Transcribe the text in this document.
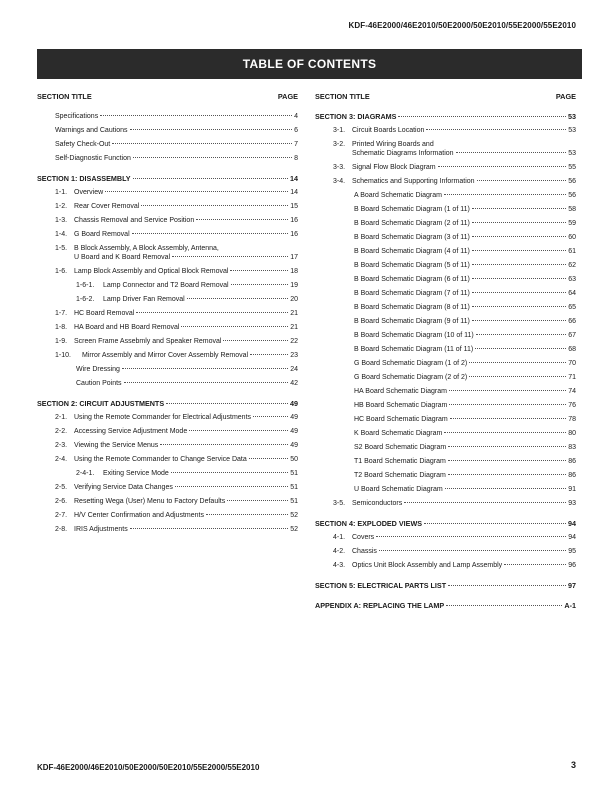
KDF-46E2000/46E2010/50E2000/50E2010/55E2000/55E2010
TABLE OF CONTENTS
SECTION TITLE	PAGE
Specifications	4
Warnings and Cautions	6
Safety Check-Out	7
Self-Diagnostic Function	8
SECTION 1: DISASSEMBLY	14
1-1. Overview	14
1-2. Rear Cover Removal	15
1-3. Chassis Removal and Service Position	16
1-4. G Board Removal	16
1-5. B Block Assembly, A Block Assembly, Antenna,
U Board and K Board Removal	17
1-6. Lamp Block Assembly and Optical Block Removal	18
1-6-1.	Lamp Connector and T2 Board Removal	19
1-6-2.	Lamp Driver Fan Removal	20
1-7. HC Board Removal	21
1-8. HA Board and HB Board Removal	21
1-9. Screen Frame Assebmly and Speaker Removal	22
1-10.	Mirror Assembly and Mirror Cover Assembly Removal	23
Wire Dressing	24
Caution Points	42
SECTION 2: CIRCUIT ADJUSTMENTS	49
2-1. Using the Remote Commander for Electrical Adjustments	49
2-2. Accessing Service Adjustment Mode	49
2-3. Viewing the Service Menus	49
2-4. Using the Remote Commander to Change Service Data	50
2-4-1.	Exiting Service Mode	51
2-5. Verifying Service Data Changes	51
2-6. Resetting Wega (User) Menu to Factory Defaults	51
2-7. H/V Center Confirmation and Adjustments	52
2-8. IRIS Adjustments	52
SECTION TITLE	PAGE
SECTION 3: DIAGRAMS	53
3-1. Circuit Boards Location	53
3-2. Printed Wiring Boards and
Schematic Diagrams Information	53
3-3. Signal Flow Block Diagram	55
3-4. Schematics and Supporting Information	56
A Board Schematic Diagram	56
B Board Schematic Diagram (1 of 11)	58
B Board Schematic Diagram (2 of 11)	59
B Board Schematic Diagram (3 of 11)	60
B Board Schematic Diagram (4 of 11)	61
B Board Schematic Diagram (5 of 11)	62
B Board Schematic Diagram (6 of 11)	63
B Board Schematic Diagram (7 of 11)	64
B Board Schematic Diagram (8 of 11)	65
B Board Schematic Diagram (9 of 11)	66
B Board Schematic Diagram (10 of 11)	67
B Board Schematic Diagram (11 of 11)	68
G Board Schematic Diagram (1 of 2)	70
G Board Schematic Diagram (2 of 2)	71
HA Board Schematic Diagram	74
HB Board Schematic Diagram	76
HC Board Schematic Diagram	78
K Board Schematic Diagram	80
S2 Board Schematic Diagram	83
T1 Board Schematic Diagram	86
T2 Board Schematic Diagram	86
U Board Schematic Diagram	91
3-5. Semiconductors	93
SECTION 4: EXPLODED VIEWS	94
4-1. Covers	94
4-2. Chassis	95
4-3. Optics Unit Block Assembly and Lamp Assembly	96
SECTION 5: ELECTRICAL PARTS LIST	97
APPENDIX A: REPLACING THE LAMP	A-1
KDF-46E2000/46E2010/50E2000/50E2010/55E2000/55E2010	3
